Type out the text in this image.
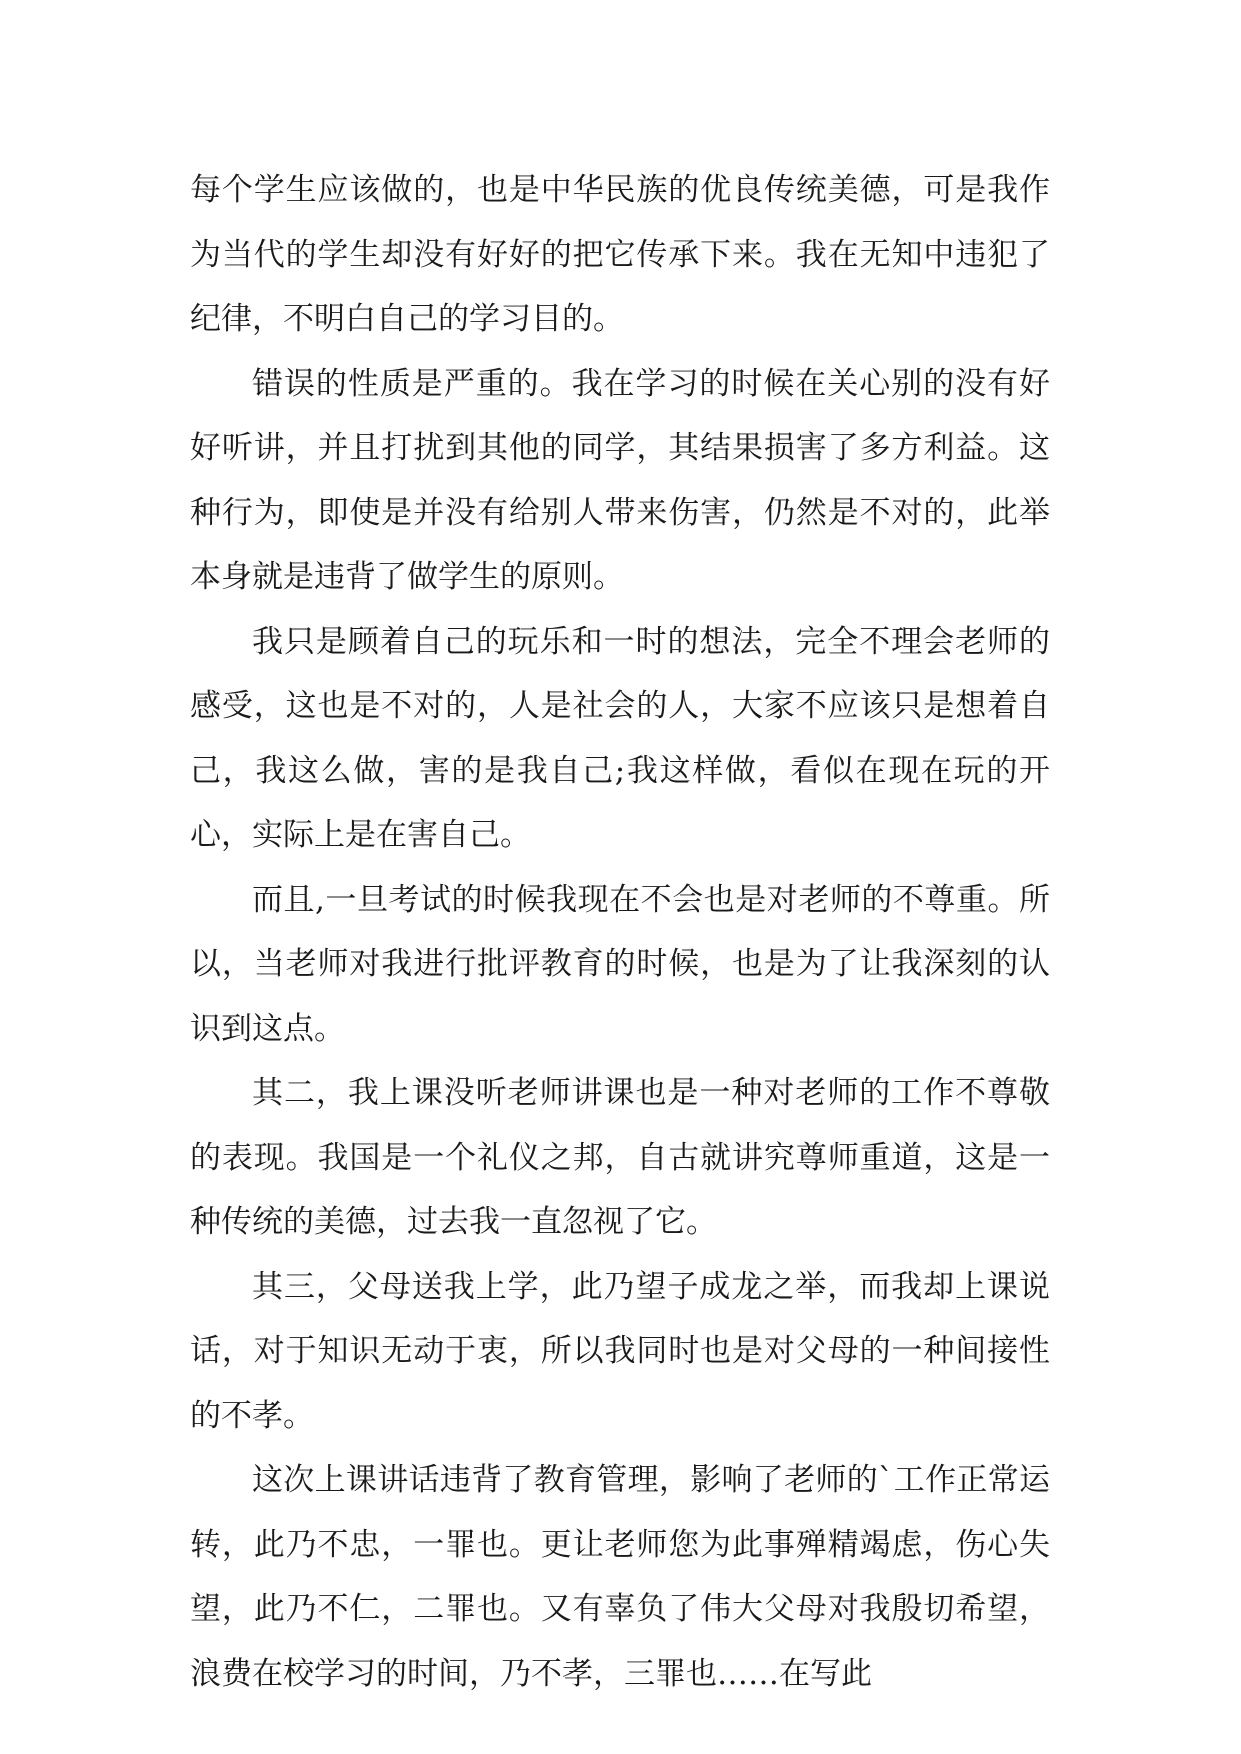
每个学生应该做的，也是中华民族的优良传统美德，可是我作为当代的学生却没有好好的把它传承下来。我在无知中违犯了纪律，不明白自己的学习目的。

错误的性质是严重的。我在学习的时候在关心别的没有好好听讲，并且打扰到其他的同学，其结果损害了多方利益。这种行为，即使是并没有给别人带来伤害，仍然是不对的，此举本身就是违背了做学生的原则。

我只是顾着自己的玩乐和一时的想法，完全不理会老师的感受，这也是不对的，人是社会的人，大家不应该只是想着自己，我这么做，害的是我自己;我这样做，看似在现在玩的开心，实际上是在害自己。

而且,一旦考试的时候我现在不会也是对老师的不尊重。所以，当老师对我进行批评教育的时候，也是为了让我深刻的认识到这点。

其二，我上课没听老师讲课也是一种对老师的工作不尊敬的表现。我国是一个礼仪之邦，自古就讲究尊师重道，这是一种传统的美德，过去我一直忽视了它。

其三，父母送我上学，此乃望子成龙之举，而我却上课说话，对于知识无动于衷，所以我同时也是对父母的一种间接性的不孝。

这次上课讲话违背了教育管理，影响了老师的`工作正常运转，此乃不忠，一罪也。更让老师您为此事殚精竭虑，伤心失望，此乃不仁，二罪也。又有辜负了伟大父母对我殷切希望，浪费在校学习的时间，乃不孝，三罪也……在写此
